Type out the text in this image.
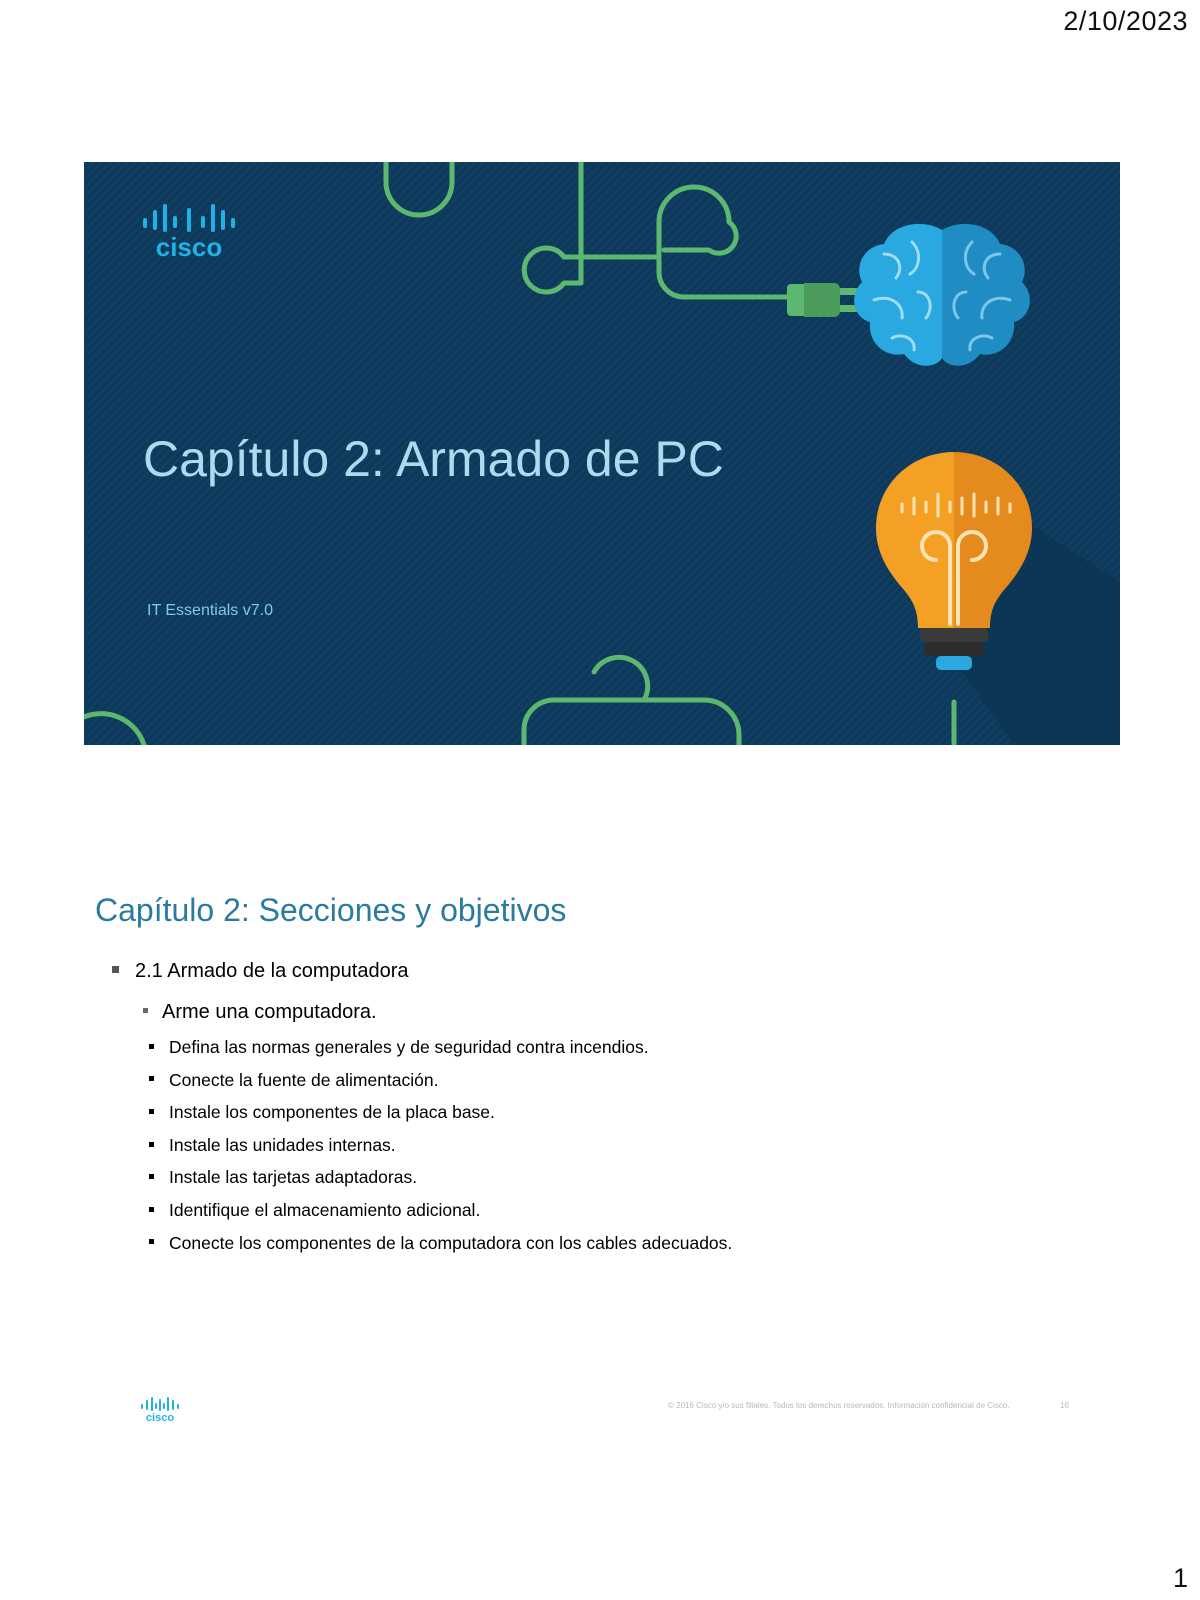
2/10/2023
cisco
Capítulo 2: Armado de PC
IT Essentials v7.0
Capítulo 2: Secciones y objetivos
2.1 Armado de la computadora
Arme una computadora.
Defina las normas generales y de seguridad contra incendios.
Conecte la fuente de alimentación.
Instale los componentes de la placa base.
Instale las unidades internas.
Instale las tarjetas adaptadoras.
Identifique el almacenamiento adicional.
Conecte los componentes de la computadora con los cables adecuados.
cisco
© 2016 Cisco y/o sus filiales. Todos los derechos reservados. Información confidencial de Cisco.	16
1
